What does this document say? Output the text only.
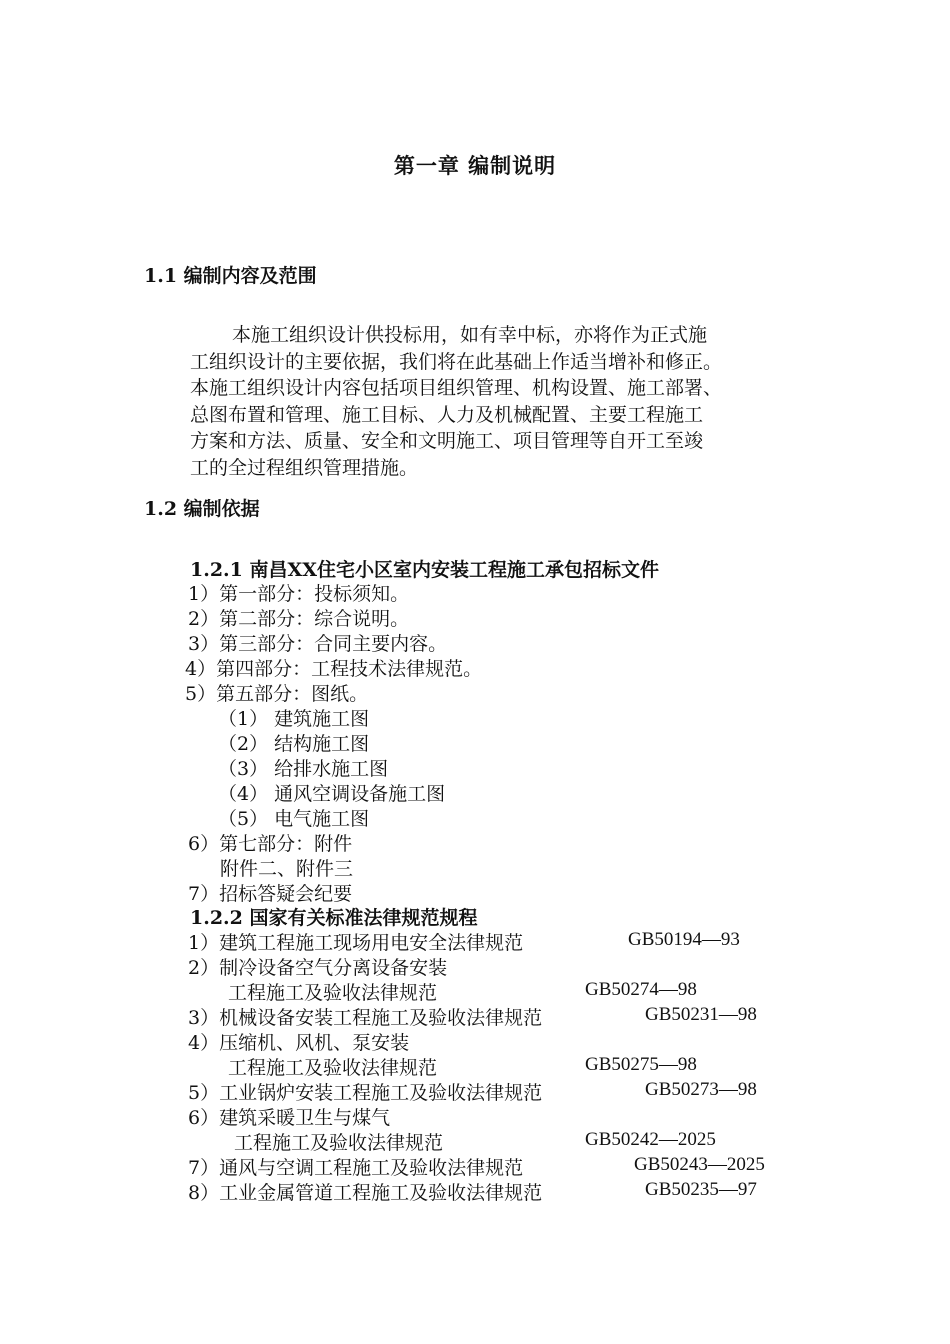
第一章 编制说明
1.1 编制内容及范围
本施工组织设计供投标用，如有幸中标，亦将作为正式施
工组织设计的主要依据，我们将在此基础上作适当增补和修正。
本施工组织设计内容包括项目组织管理、机构设置、施工部署、
总图布置和管理、施工目标、人力及机械配置、主要工程施工
方案和方法、质量、安全和文明施工、项目管理等自开工至竣
工的全过程组织管理措施。
1.2 编制依据
1.2.1 南昌XX住宅小区室内安装工程施工承包招标文件
1）第一部分：投标须知。
2）第二部分：综合说明。
3）第三部分：合同主要内容。
4）第四部分：工程技术法律规范。
5）第五部分：图纸。
（1） 建筑施工图
（2） 结构施工图
（3） 给排水施工图
（4） 通风空调设备施工图
（5） 电气施工图
6）第七部分：附件
附件二、附件三
7）招标答疑会纪要
1.2.2 国家有关标准法律规范规程
1）建筑工程施工现场用电安全法律规范	GB50194—93
2）制冷设备空气分离设备安装
工程施工及验收法律规范	GB50274—98
3）机械设备安装工程施工及验收法律规范	GB50231—98
4）压缩机、风机、泵安装
工程施工及验收法律规范	GB50275—98
5）工业锅炉安装工程施工及验收法律规范	GB50273—98
6）建筑采暖卫生与煤气
工程施工及验收法律规范	GB50242—2025
7）通风与空调工程施工及验收法律规范	GB50243—2025
8）工业金属管道工程施工及验收法律规范	GB50235—97
